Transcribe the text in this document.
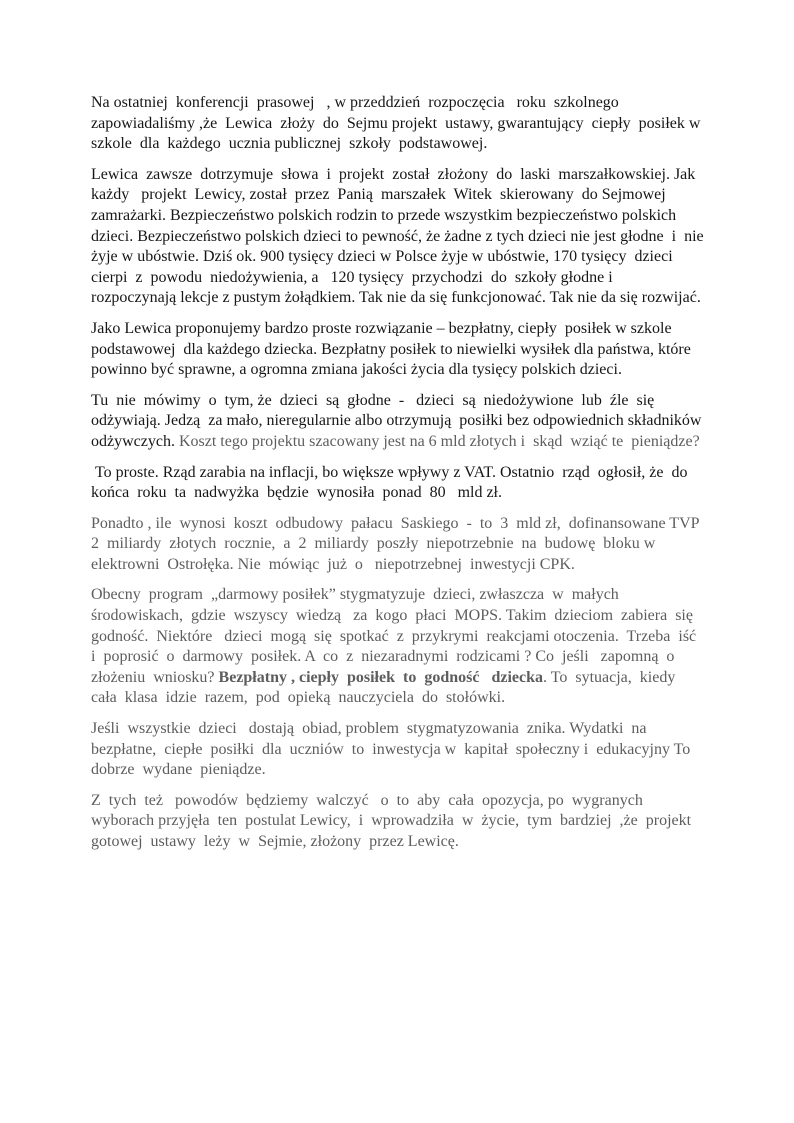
Na ostatniej  konferencji  prasowej   , w przeddzień  rozpoczęcia   roku  szkolnego zapowiadaliśmy ,że  Lewica  złoży  do  Sejmu projekt  ustawy, gwarantujący  ciepły  posiłek w  szkole  dla  każdego  ucznia publicznej  szkoły  podstawowej.

Lewica  zawsze  dotrzymuje  słowa  i  projekt  został  złożony  do  laski  marszałkowskiej. Jak  każdy   projekt  Lewicy, został  przez  Panią  marszałek  Witek  skierowany  do Sejmowej  zamrażarki. Bezpieczeństwo polskich rodzin to przede wszystkim bezpieczeństwo polskich dzieci. Bezpieczeństwo polskich dzieci to pewność, że żadne z tych dzieci nie jest głodne  i  nie żyje w ubóstwie. Dziś ok. 900 tysięcy dzieci w Polsce żyje w ubóstwie, 170 tysięcy  dzieci  cierpi  z  powodu  niedożywienia, a   120 tysięcy  przychodzi  do  szkoły głodne i  rozpoczynają lekcje z pustym żołądkiem. Tak nie da się funkcjonować. Tak nie da się rozwijać.

Jako Lewica proponujemy bardzo proste rozwiązanie – bezpłatny, ciepły  posiłek w szkole podstawowej  dla każdego dziecka. Bezpłatny posiłek to niewielki wysiłek dla państwa, które powinno być sprawne, a ogromna zmiana jakości życia dla tysięcy polskich dzieci.

Tu  nie  mówimy  o  tym, że  dzieci  są  głodne  -   dzieci  są  niedożywione  lub  źle  się odżywiają. Jedzą  za mało, nieregularnie albo otrzymują  posiłki bez odpowiednich składników odżywczych. Koszt tego projektu szacowany jest na 6 mld złotych i  skąd  wziąć te  pieniądze?

To proste. Rząd zarabia na inflacji, bo większe wpływy z VAT. Ostatnio  rząd  ogłosił, że  do końca  roku  ta  nadwyżka  będzie  wynosiła  ponad  80   mld zł.

Ponadto , ile  wynosi  koszt  odbudowy  pałacu  Saskiego  -  to  3  mld zł,  dofinansowane TVP  2  miliardy  złotych  rocznie,  a  2  miliardy  poszły  niepotrzebnie  na  budowę  bloku w  elektrowni  Ostrołęka. Nie  mówiąc  już  o   niepotrzebnej  inwestycji CPK.

Obecny  program  „darmowy posiłek” stygmatyzuje  dzieci, zwłaszcza  w  małych środowiskach,  gdzie  wszyscy  wiedzą   za  kogo  płaci  MOPS. Takim  dzieciom  zabiera  się godność.  Niektóre   dzieci  mogą  się  spotkać  z  przykrymi  reakcjami otoczenia.  Trzeba  iść i  poprosić  o  darmowy  posiłek. A  co  z  niezaradnymi  rodzicami ? Co  jeśli   zapomną  o złożeniu  wniosku? Bezpłatny , ciepły  posiłek  to  godność   dziecka. To  sytuacja,  kiedy cała  klasa  idzie  razem,  pod  opieką  nauczyciela  do  stołówki.

Jeśli  wszystkie  dzieci   dostają  obiad, problem  stygmatyzowania  znika. Wydatki  na bezpłatne,  ciepłe  posiłki  dla  uczniów  to  inwestycja w  kapitał  społeczny i  edukacyjny To dobrze  wydane  pieniądze.

Z  tych  też   powodów  będziemy  walczyć   o  to  aby  cała  opozycja, po  wygranych wyborach przyjęła  ten  postulat Lewicy,  i  wprowadziła  w  życie,  tym  bardziej  ,że  projekt gotowej  ustawy  leży  w  Sejmie, złożony  przez Lewicę.
